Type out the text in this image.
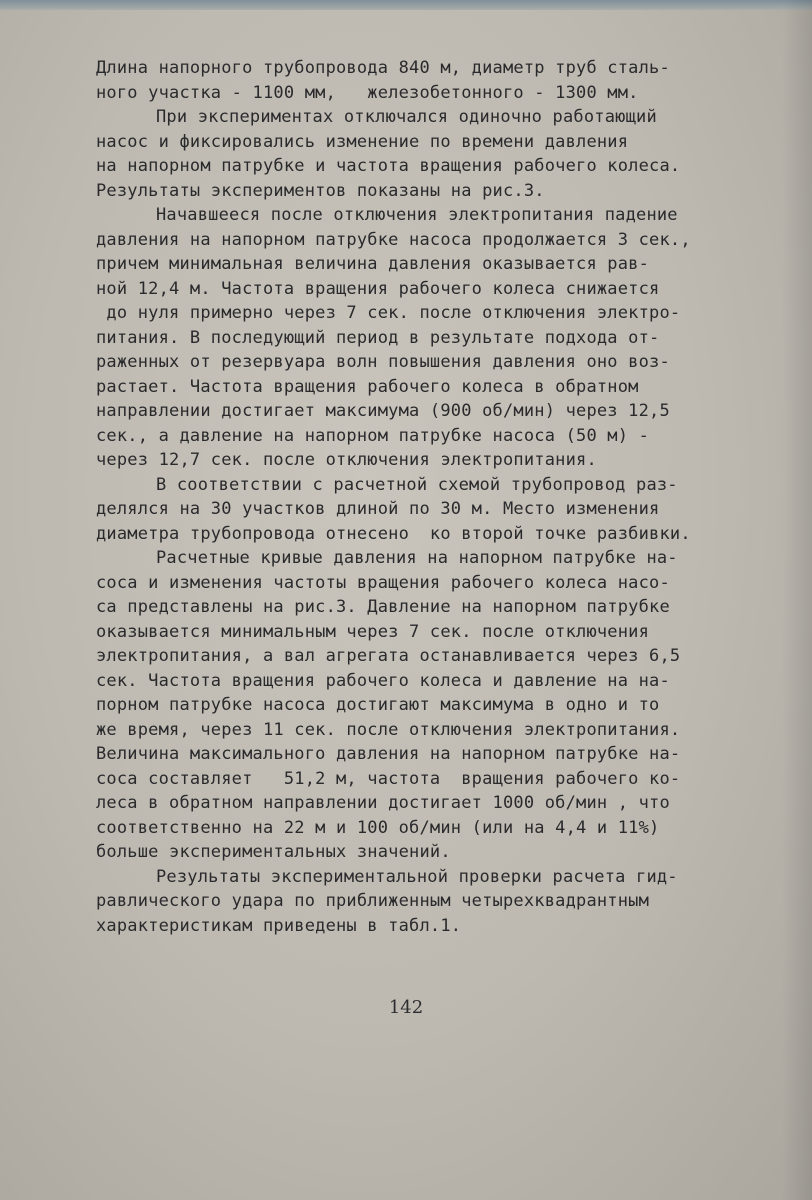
Длина напорного трубопровода 840 м, диаметр труб сталь-
ного участка - 1100 мм,   железобетонного - 1300 мм.
При экспериментах отключался одиночно работающий
насос и фиксировались изменение по времени давления
на напорном патрубке и частота вращения рабочего колеса.
Результаты экспериментов показаны на рис.3.
Начавшееся после отключения электропитания падение
давления на напорном патрубке насоса продолжается 3 сек.,
причем минимальная величина давления оказывается рав-
ной 12,4 м. Частота вращения рабочего колеса снижается
до нуля примерно через 7 сек. после отключения электро-
питания. В последующий период в результате подхода от-
раженных от резервуара волн повышения давления оно воз-
растает. Частота вращения рабочего колеса в обратном
направлении достигает максимума (900 об/мин) через 12,5
сек., а давление на напорном патрубке насоса (50 м) -
через 12,7 сек. после отключения электропитания.
В соответствии с расчетной схемой трубопровод раз-
делялся на 30 участков длиной по 30 м. Место изменения
диаметра трубопровода отнесено  ко второй точке разбивки.
Расчетные кривые давления на напорном патрубке на-
coca и изменения частоты вращения рабочего колеса насо-
са представлены на рис.3. Давление на напорном патрубке
оказывается минимальным через 7 сек. после отключения
электропитания, а вал агрегата останавливается через 6,5
сек. Частота вращения рабочего колеса и давление на на-
порном патрубке насоса достигают максимума в одно и то
же время, через 11 сек. после отключения электропитания.
Величина максимального давления на напорном патрубке на-
coca составляет   51,2 м, частота  вращения рабочего ко-
леса в обратном направлении достигает 1000 об/мин , что
соответственно на 22 м и 100 об/мин (или на 4,4 и 11%)
больше экспериментальных значений.
Результаты экспериментальной проверки расчета гид-
равлического удара по приближенным четырехквадрантным
характеристикам приведены в табл.1.
142
